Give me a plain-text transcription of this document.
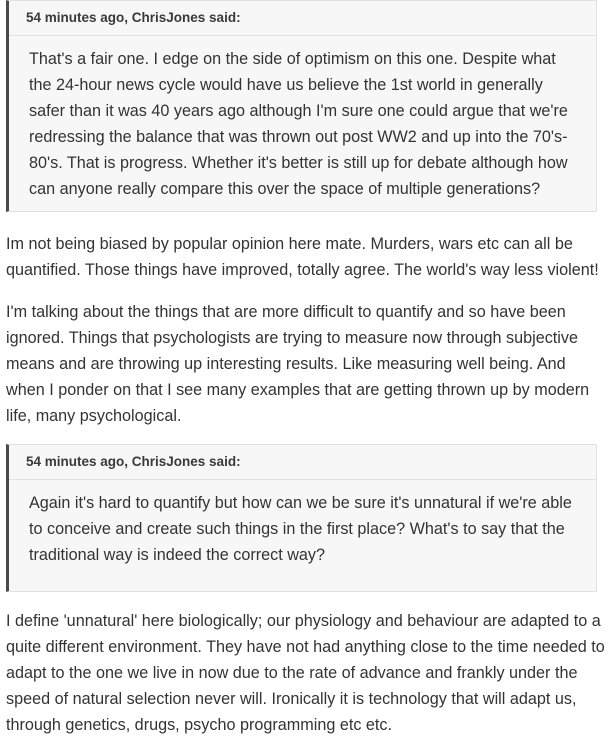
54 minutes ago, ChrisJones said:
That's a fair one. I edge on the side of optimism on this one. Despite what the 24-hour news cycle would have us believe the 1st world in generally safer than it was 40 years ago although I'm sure one could argue that we're redressing the balance that was thrown out post WW2 and up into the 70's-80's. That is progress. Whether it's better is still up for debate although how can anyone really compare this over the space of multiple generations?

Im not being biased by popular opinion here mate. Murders, wars etc can all be quantified. Those things have improved, totally agree. The world's way less violent!

I'm talking about the things that are more difficult to quantify and so have been ignored. Things that psychologists are trying to measure now through subjective means and are throwing up interesting results. Like measuring well being. And when I ponder on that I see many examples that are getting thrown up by modern life, many psychological.

54 minutes ago, ChrisJones said:
Again it's hard to quantify but how can we be sure it's unnatural if we're able to conceive and create such things in the first place? What's to say that the traditional way is indeed the correct way?

I define 'unnatural' here biologically; our physiology and behaviour are adapted to a quite different environment. They have not had anything close to the time needed to adapt to the one we live in now due to the rate of advance and frankly under the speed of natural selection never will. Ironically it is technology that will adapt us, through genetics, drugs, psycho programming etc etc.
